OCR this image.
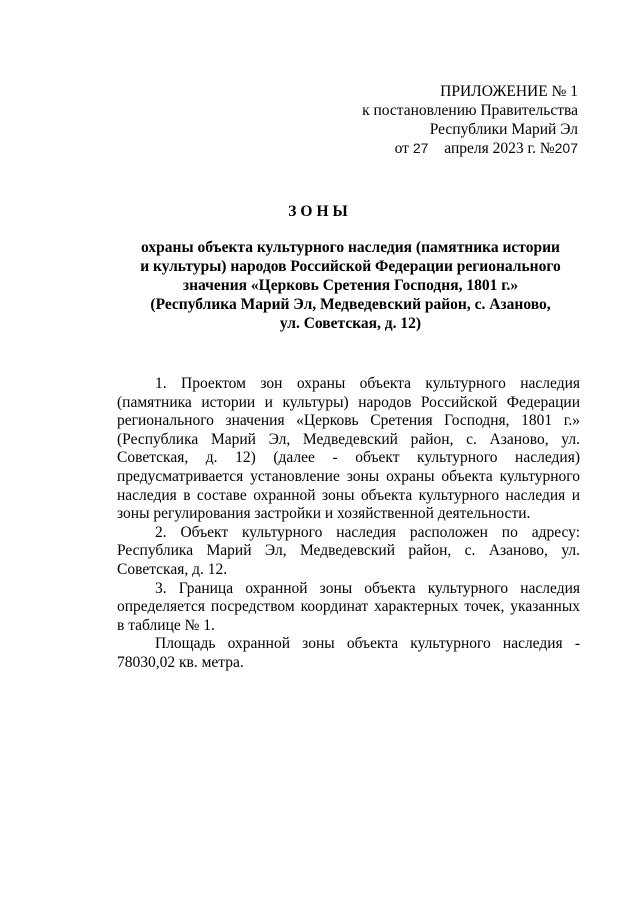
ПРИЛОЖЕНИЕ № 1
к постановлению Правительства
Республики Марий Эл
от 27 апреля 2023 г. №207
ЗОНЫ
охраны объекта культурного наследия (памятника истории
и культуры) народов Российской Федерации регионального
значения «Церковь Сретения Господня, 1801 г.»
(Республика Марий Эл, Медведевский район, с. Азаново,
ул. Советская, д. 12)

1. Проектом зон охраны объекта культурного наследия (памятника истории и культуры) народов Российской Федерации регионального значения «Церковь Сретения Господня, 1801 г.» (Республика Марий Эл, Медведевский район, с. Азаново, ул. Советская, д. 12) (далее - объект культурного наследия) предусматривается установление зоны охраны объекта культурного наследия в составе охранной зоны объекта культурного наследия и зоны регулирования застройки и хозяйственной деятельности.

2. Объект культурного наследия расположен по адресу: Республика Марий Эл, Медведевский район, с. Азаново, ул. Советская, д. 12.

3. Граница охранной зоны объекта культурного наследия определяется посредством координат характерных точек, указанных в таблице № 1.

Площадь охранной зоны объекта культурного наследия - 78030,02 кв. метра.
